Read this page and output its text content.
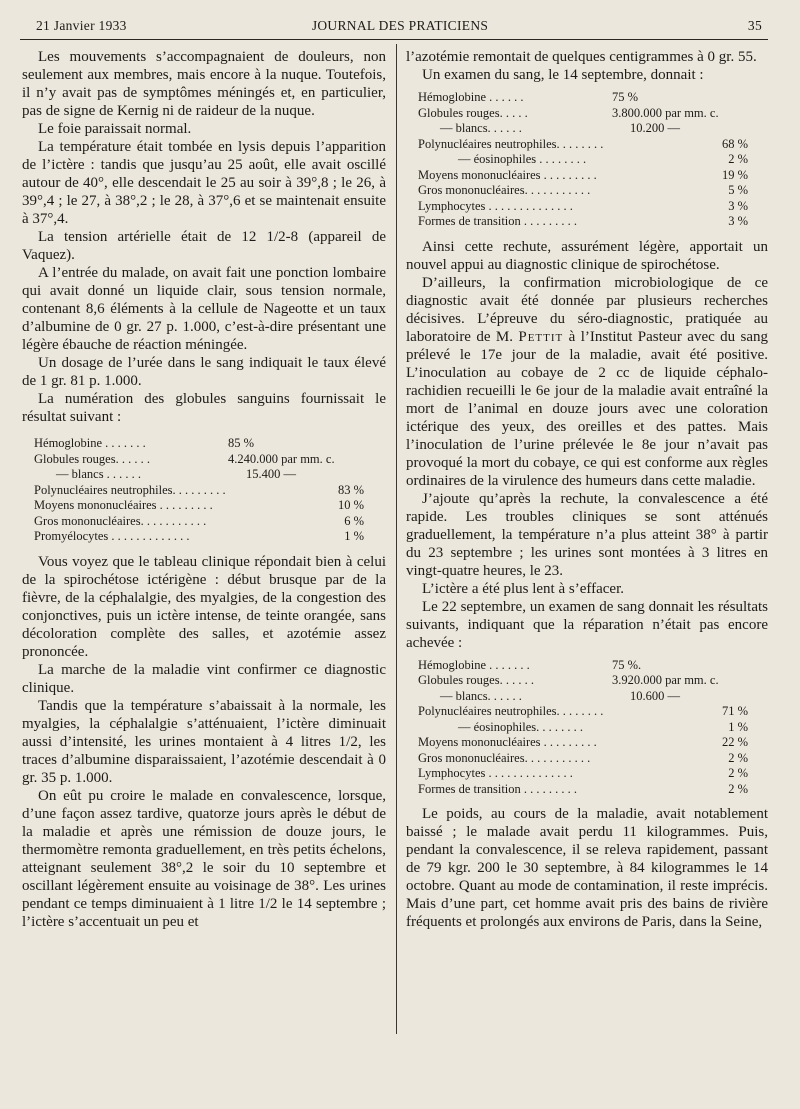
JOURNAL DES PRATICIENS
21 Janvier 1933	35

Les mouvements s’accompagnaient de douleurs, non seulement aux membres, mais encore à la nuque. Toutefois, il n’y avait pas de symptômes méningés et, en particulier, pas de signe de Kernig ni de raideur de la nuque.

Le foie paraissait normal.

La température était tombée en lysis depuis l’apparition de l’ictère : tandis que jusqu’au 25 août, elle avait oscillé autour de 40°, elle descendait le 25 au soir à 39°,8 ; le 26, à 39°,4 ; le 27, à 38°,2 ; le 28, à 37°,6 et se maintenait ensuite à 37°,4.

La tension artérielle était de 12 1/2-8 (appareil de Vaquez).

A l’entrée du malade, on avait fait une ponction lombaire qui avait donné un liquide clair, sous tension normale, contenant 8,6 éléments à la cellule de Nageotte et un taux d’albumine de 0 gr. 27 p. 1.000, c’est-à-dire présentant une légère ébauche de réaction méningée.

Un dosage de l’urée dans le sang indiquait le taux élevé de 1 gr. 81 p. 1.000.

La numération des globules sanguins fournissait le résultat suivant :

Hémoglobine . . . . . . .	85 %
Globules rouges. . . . . .	4.240.000 par mm. c.
— blancs . . . . . .	15.400 —
Polynucléaires neutrophiles. . . . . . . . .	83 %
Moyens mononucléaires . . . . . . . . .	10 %
Gros mononucléaires. . . . . . . . . . .	6 %
Promyélocytes . . . . . . . . . . . . .	1 %

Vous voyez que le tableau clinique répondait bien à celui de la spirochétose ictérigène : début brusque par de la fièvre, de la céphalalgie, des myalgies, de la congestion des conjonctives, puis un ictère intense, de teinte orangée, sans décoloration complète des salles, et azotémie assez prononcée.

La marche de la maladie vint confirmer ce diagnostic clinique.

Tandis que la température s’abaissait à la normale, les myalgies, la céphalalgie s’atténuaient, l’ictère diminuait aussi d’intensité, les urines montaient à 4 litres 1/2, les traces d’albumine disparaissaient, l’azotémie descendait à 0 gr. 35 p. 1.000.

On eût pu croire le malade en convalescence, lorsque, d’une façon assez tardive, quatorze jours après le début de la maladie et après une rémission de douze jours, le thermomètre remonta graduellement, en très petits échelons, atteignant seulement 38°,2 le soir du 10 septembre et oscillant légèrement ensuite au voisinage de 38°. Les urines pendant ce temps diminuaient à 1 litre 1/2 le 14 septembre ; l’ictère s’accentuait un peu et

l’azotémie remontait de quelques centigrammes à 0 gr. 55.

Un examen du sang, le 14 septembre, donnait :

Hémoglobine . . . . . .	75 %
Globules rouges. . . . .	3.800.000 par mm. c.
— blancs. . . . . .	10.200 —
Polynucléaires neutrophiles. . . . . . . .	68 %
— éosinophiles . . . . . . . .	2 %
Moyens mononucléaires . . . . . . . . .	19 %
Gros mononucléaires. . . . . . . . . . .	5 %
Lymphocytes . . . . . . . . . . . . . .	3 %
Formes de transition . . . . . . . . .	3 %

Ainsi cette rechute, assurément légère, apportait un nouvel appui au diagnostic clinique de spirochétose.

D’ailleurs, la confirmation microbiologique de ce diagnostic avait été donnée par plusieurs recherches décisives. L’épreuve du séro-diagnostic, pratiquée au laboratoire de M. Pettit à l’Institut Pasteur avec du sang prélevé le 17e jour de la maladie, avait été positive. L’inoculation au cobaye de 2 cc de liquide céphalo-rachidien recueilli le 6e jour de la maladie avait entraîné la mort de l’animal en douze jours avec une coloration ictérique des yeux, des oreilles et des pattes. Mais l’inoculation de l’urine prélevée le 8e jour n’avait pas provoqué la mort du cobaye, ce qui est conforme aux règles ordinaires de la virulence des humeurs dans cette maladie.

J’ajoute qu’après la rechute, la convalescence a été rapide. Les troubles cliniques se sont atténués graduellement, la température n’a plus atteint 38° à partir du 23 septembre ; les urines sont montées à 3 litres en vingt-quatre heures, le 23.

L’ictère a été plus lent à s’effacer.

Le 22 septembre, un examen de sang donnait les résultats suivants, indiquant que la réparation n’était pas encore achevée :

Hémoglobine . . . . . . .	75 %.
Globules rouges. . . . . .	3.920.000 par mm. c.
— blancs. . . . . .	10.600 —
Polynucléaires neutrophiles. . . . . . . .	71 %
— éosinophiles. . . . . . . .	1 %
Moyens mononucléaires . . . . . . . . .	22 %
Gros mononucléaires. . . . . . . . . . .	2 %
Lymphocytes . . . . . . . . . . . . . .	2 %
Formes de transition . . . . . . . . .	2 %

Le poids, au cours de la maladie, avait notablement baissé ; le malade avait perdu 11 kilogrammes. Puis, pendant la convalescence, il se releva rapidement, passant de 79 kgr. 200 le 30 septembre, à 84 kilogrammes le 14 octobre. Quant au mode de contamination, il reste imprécis. Mais d’une part, cet homme avait pris des bains de rivière fréquents et prolongés aux environs de Paris, dans la Seine,
